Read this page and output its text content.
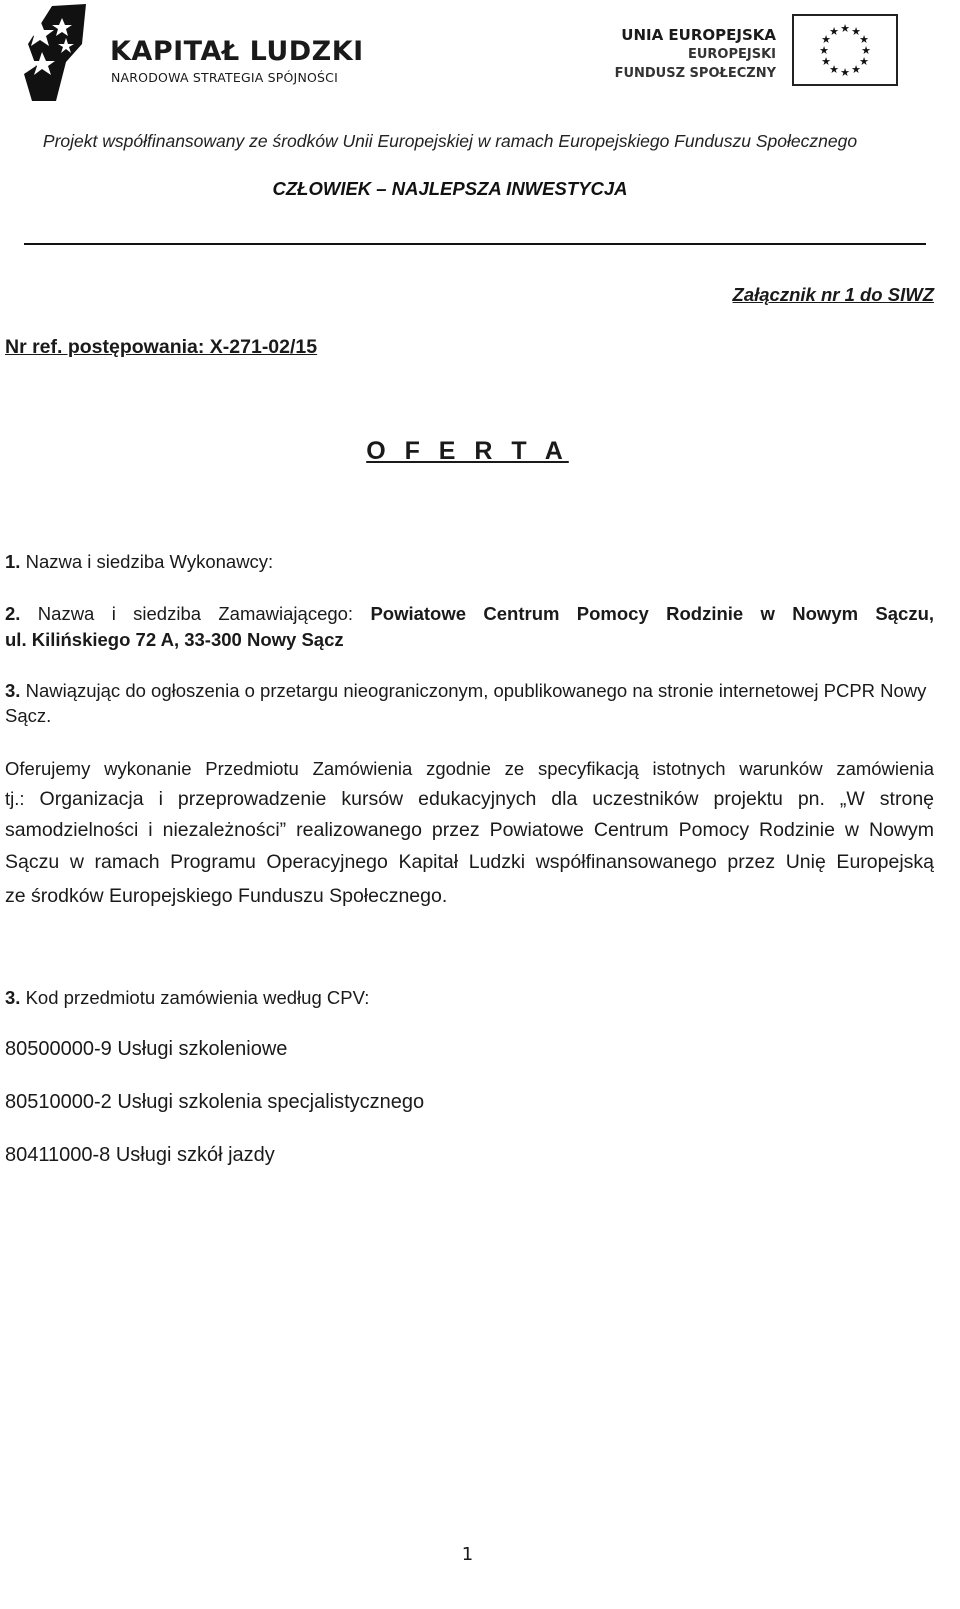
KAPITAŁ LUDZKI
NARODOWA STRATEGIA SPÓJNOŚCI
UNIA EUROPEJSKA
EUROPEJSKI
FUNDUSZ SPOŁECZNY
★ ★
★
★
★
★
★
★
★
★
★
★
Projekt współfinansowany ze środków Unii Europejskiej w ramach Europejskiego Funduszu Społecznego
CZŁOWIEK – NAJLEPSZA INWESTYCJA
Załącznik nr 1 do SIWZ
Nr ref. postępowania: X-271-02/15
O F E R T A
1. Nazwa i siedziba Wykonawcy:
2. Nazwa i siedziba Zamawiającego: Powiatowe Centrum Pomocy Rodzinie w Nowym Sączu,
ul. Kilińskiego 72 A, 33-300 Nowy Sącz
3. Nawiązując do ogłoszenia o przetargu nieograniczonym, opublikowanego na stronie internetowej PCPR Nowy
Sącz.
Oferujemy wykonanie Przedmiotu Zamówienia zgodnie ze specyfikacją istotnych warunków zamówienia
tj.: Organizacja i przeprowadzenie kursów edukacyjnych dla uczestników projektu pn. „W stronę
samodzielności i niezależności” realizowanego przez Powiatowe Centrum Pomocy Rodzinie w Nowym
Sączu w ramach Programu Operacyjnego Kapitał Ludzki współfinansowanego przez Unię Europejską
ze środków Europejskiego Funduszu Społecznego.
3. Kod przedmiotu zamówienia według CPV:
80500000-9 Usługi szkoleniowe
80510000-2 Usługi szkolenia specjalistycznego
80411000-8 Usługi szkół jazdy
1
